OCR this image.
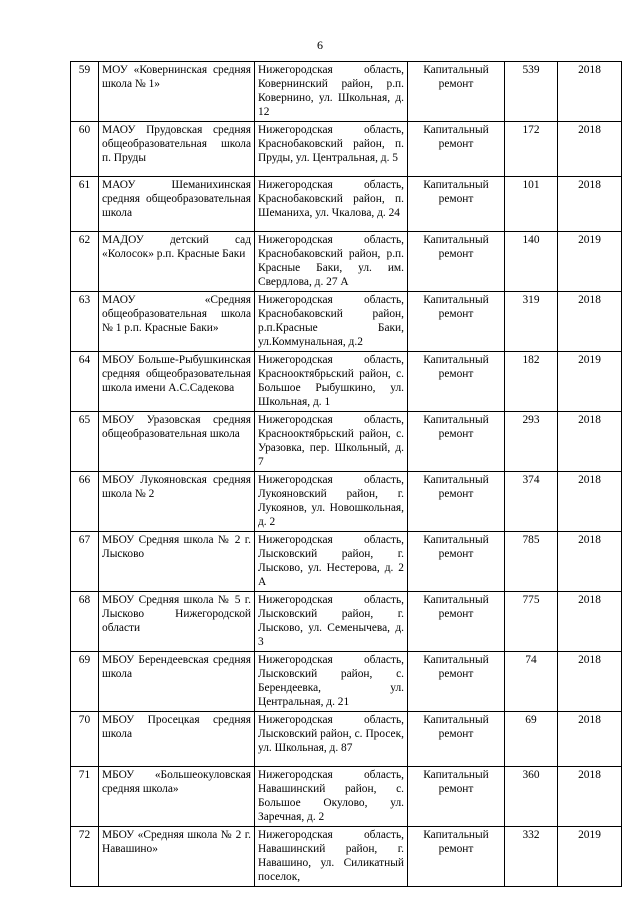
6
59	МОУ «Ковернинская средняя школа № 1»	Нижегородская область, Ковернинский район, р.п. Ковернино, ул. Школьная, д. 12	Капитальный ремонт	539	2018
60	МАОУ Прудовская средняя общеобразовательная школа п. Пруды	Нижегородская область, Краснобаковский район, п. Пруды, ул. Центральная, д. 5	Капитальный ремонт	172	2018
61	МАОУ Шеманихинская средняя общеобразовательная школа	Нижегородская область, Краснобаковский район, п. Шеманиха, ул. Чкалова, д. 24	Капитальный ремонт	101	2018
62	МАДОУ детский сад «Колосок» р.п. Красные Баки	Нижегородская область, Краснобаковский район, р.п. Красные Баки, ул. им. Свердлова, д. 27 А	Капитальный ремонт	140	2019
63	МАОУ «Средняя общеобразовательная школа № 1 р.п. Красные Баки»	Нижегородская область, Краснобаковский район, р.п.Красные Баки, ул.Коммунальная, д.2	Капитальный ремонт	319	2018
64	МБОУ Больше-Рыбушкинская средняя общеобразовательная школа имени А.С.Садекова	Нижегородская область, Краснооктябрьский район, с. Большое Рыбушкино, ул. Школьная, д. 1	Капитальный ремонт	182	2019
65	МБОУ Уразовская средняя общеобразовательная школа	Нижегородская область, Краснооктябрьский район, с. Уразовка, пер. Школьный, д. 7	Капитальный ремонт	293	2018
66	МБОУ Лукояновская средняя школа № 2	Нижегородская область, Лукояновский район, г. Лукоянов, ул. Новошкольная, д. 2	Капитальный ремонт	374	2018
67	МБОУ Средняя школа № 2 г. Лысково	Нижегородская область, Лысковский район, г. Лысково, ул. Нестерова, д. 2 А	Капитальный ремонт	785	2018
68	МБОУ Средняя школа № 5 г. Лысково Нижегородской области	Нижегородская область, Лысковский район, г. Лысково, ул. Семенычева, д. 3	Капитальный ремонт	775	2018
69	МБОУ Берендеевская средняя школа	Нижегородская область, Лысковский район, с. Берендеевка, ул. Центральная, д. 21	Капитальный ремонт	74	2018
70	МБОУ Просецкая средняя школа	Нижегородская область, Лысковский район, с. Просек, ул. Школьная, д. 87	Капитальный ремонт	69	2018
71	МБОУ «Большеокуловская средняя школа»	Нижегородская область, Навашинский район, с. Большое Окулово, ул. Заречная, д. 2	Капитальный ремонт	360	2018
72	МБОУ «Средняя школа № 2 г. Навашино»	Нижегородская область, Навашинский район, г. Навашино, ул. Силикатный поселок,	Капитальный ремонт	332	2019
